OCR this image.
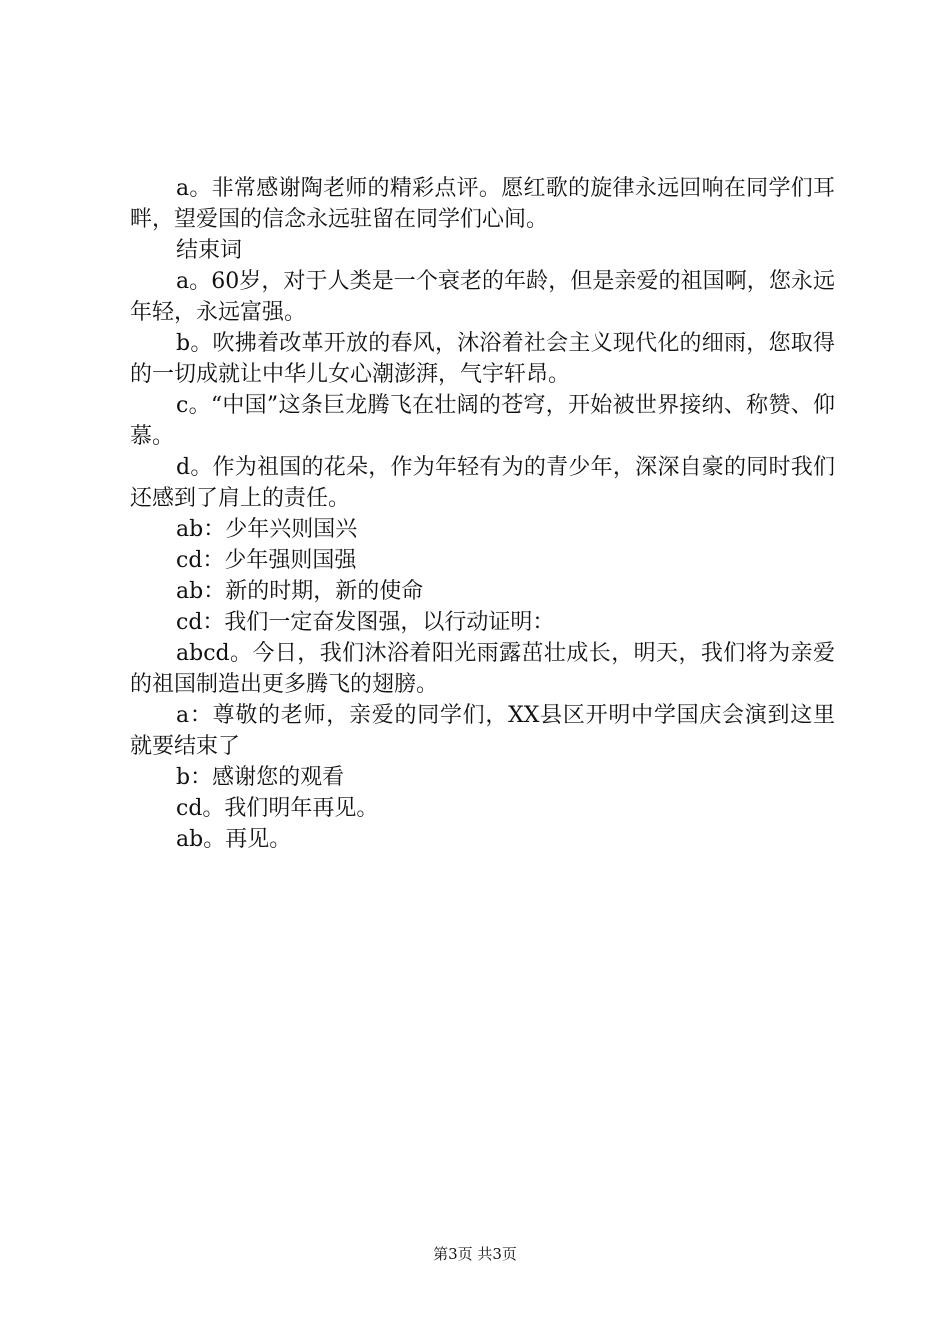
a。非常感谢陶老师的精彩点评。愿红歌的旋律永远回响在同学们耳畔，望爱国的信念永远驻留在同学们心间。

结束词

a。60岁，对于人类是一个衰老的年龄，但是亲爱的祖国啊，您永远年轻，永远富强。

b。吹拂着改革开放的春风，沐浴着社会主义现代化的细雨，您取得的一切成就让中华儿女心潮澎湃，气宇轩昂。

c。“中国”这条巨龙腾飞在壮阔的苍穹，开始被世界接纳、称赞、仰慕。

d。作为祖国的花朵，作为年轻有为的青少年，深深自豪的同时我们还感到了肩上的责任。

ab：少年兴则国兴

cd：少年强则国强

ab：新的时期，新的使命

cd：我们一定奋发图强，以行动证明：

abcd。今日，我们沐浴着阳光雨露茁壮成长，明天，我们将为亲爱的祖国制造出更多腾飞的翅膀。

a：尊敬的老师，亲爱的同学们，XX县区开明中学国庆会演到这里就要结束了

b：感谢您的观看

cd。我们明年再见。

ab。再见。

第3页 共3页
